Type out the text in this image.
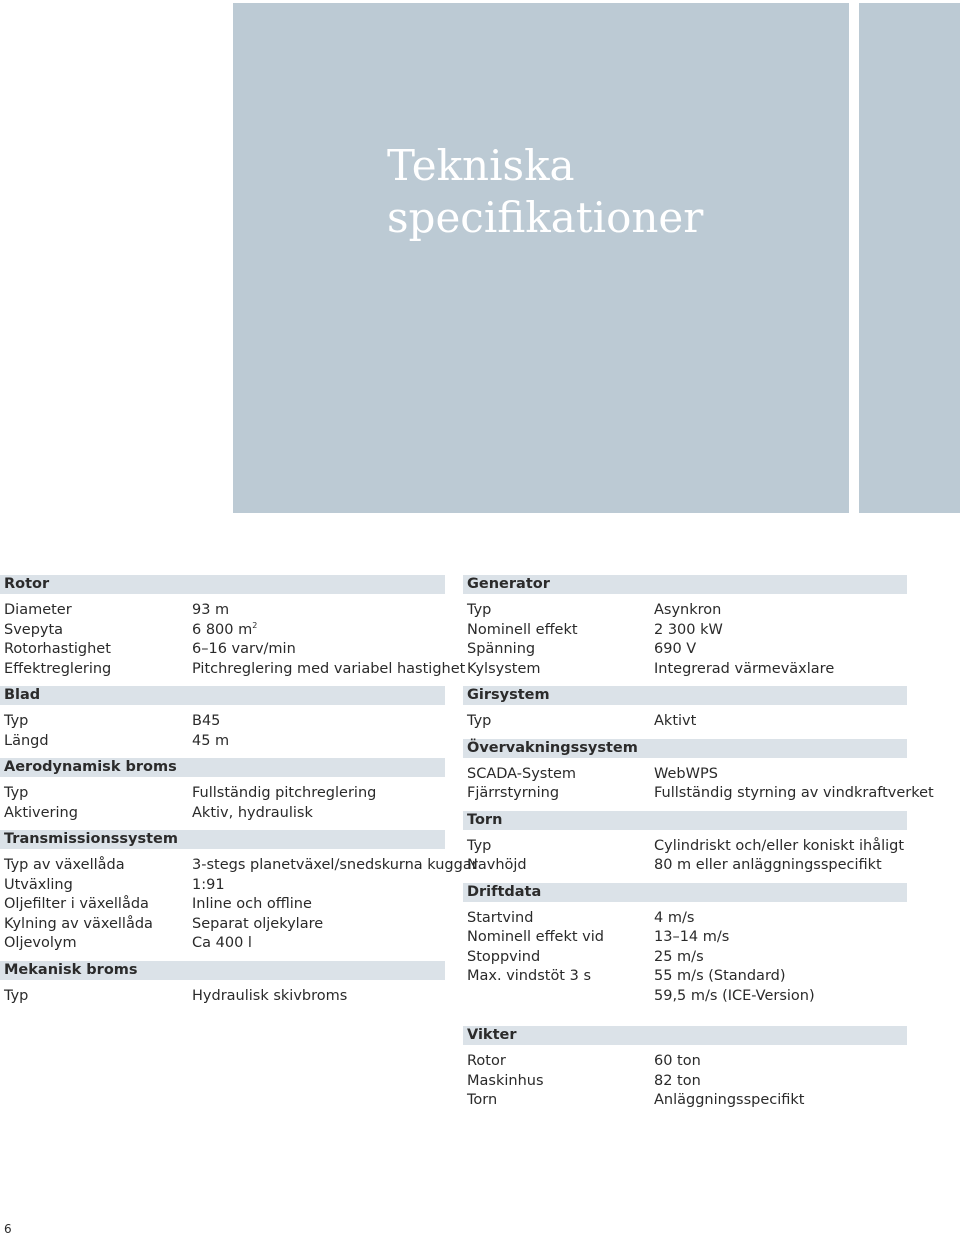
Tekniska
specifikationer
Rotor
Diameter	93 m
Svepyta	6 800 $m^2$
Rotorhastighet	6–16 varv/min
Effektreglering	Pitchreglering med variabel hastighet
Blad
Typ	B45
Längd	45 m
Aerodynamisk broms
Typ	Fullständig pitchreglering
Aktivering	Aktiv, hydraulisk
Transmissionssystem
Typ av växellåda	3-stegs planetväxel/snedskurna kuggar
Utväxling	1:91
Oljefilter i växellåda	Inline och offline
Kylning av växellåda	Separat oljekylare
Oljevolym	Ca 400 l
Mekanisk broms
Typ	Hydraulisk skivbroms
Generator
Typ	Asynkron
Nominell effekt	2 300 kW
Spänning	690 V
Kylsystem	Integrerad värmeväxlare
Girsystem
Typ	Aktivt
Övervakningssystem
SCADA-System	WebWPS
Fjärrstyrning	Fullständig styrning av vindkraftverket
Torn
Typ	Cylindriskt och/eller koniskt ihåligt
Navhöjd	80 m eller anläggningsspecifikt
Driftdata
Startvind	4 m/s
Nominell effekt vid	13–14 m/s
Stoppvind	25 m/s
Max. vindstöt 3 s	55 m/s (Standard)
59,5 m/s (ICE-Version)
Vikter
Rotor	60 ton
Maskinhus	82 ton
Torn	Anläggningsspecifikt
6
